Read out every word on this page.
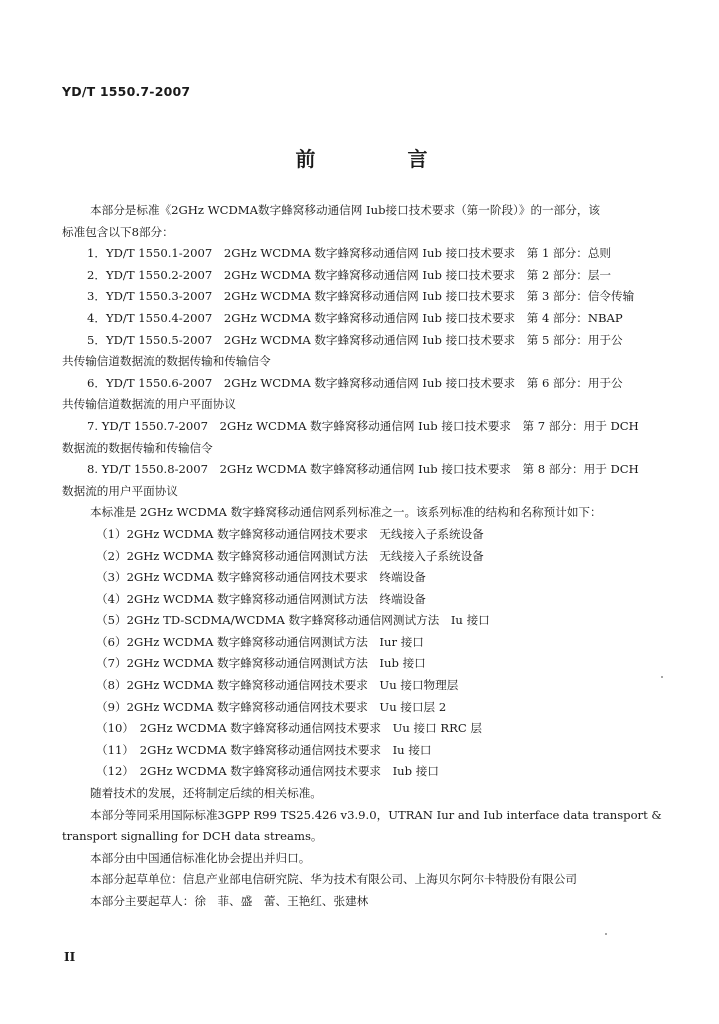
YD/T 1550.7-2007
前　言
本部分是标准《2GHz WCDMA数字蜂窝移动通信网 Iub接口技术要求（第一阶段）》的一部分，该
标准包含以下8部分：
1．YD/T 1550.1-2007　2GHz WCDMA 数字蜂窝移动通信网 Iub 接口技术要求　第 1 部分：总则
2．YD/T 1550.2-2007　2GHz WCDMA 数字蜂窝移动通信网 Iub 接口技术要求　第 2 部分：层一
3．YD/T 1550.3-2007　2GHz WCDMA 数字蜂窝移动通信网 Iub 接口技术要求　第 3 部分：信令传输
4．YD/T 1550.4-2007　2GHz WCDMA 数字蜂窝移动通信网 Iub 接口技术要求　第 4 部分：NBAP
5．YD/T 1550.5-2007　2GHz WCDMA 数字蜂窝移动通信网 Iub 接口技术要求　第 5 部分：用于公
共传输信道数据流的数据传输和传输信令
6．YD/T 1550.6-2007　2GHz WCDMA 数字蜂窝移动通信网 Iub 接口技术要求　第 6 部分：用于公
共传输信道数据流的用户平面协议
7. YD/T 1550.7-2007　2GHz WCDMA 数字蜂窝移动通信网 Iub 接口技术要求　第 7 部分：用于 DCH
数据流的数据传输和传输信令
8. YD/T 1550.8-2007　2GHz WCDMA 数字蜂窝移动通信网 Iub 接口技术要求　第 8 部分：用于 DCH
数据流的用户平面协议
本标准是 2GHz WCDMA 数字蜂窝移动通信网系列标准之一。该系列标准的结构和名称预计如下：
（1）2GHz WCDMA 数字蜂窝移动通信网技术要求　无线接入子系统设备
（2）2GHz WCDMA 数字蜂窝移动通信网测试方法　无线接入子系统设备
（3）2GHz WCDMA 数字蜂窝移动通信网技术要求　终端设备
（4）2GHz WCDMA 数字蜂窝移动通信网测试方法　终端设备
（5）2GHz TD-SCDMA/WCDMA 数字蜂窝移动通信网测试方法　Iu 接口
（6）2GHz WCDMA 数字蜂窝移动通信网测试方法　Iur 接口
（7）2GHz WCDMA 数字蜂窝移动通信网测试方法　Iub 接口
（8）2GHz WCDMA 数字蜂窝移动通信网技术要求　Uu 接口物理层
（9）2GHz WCDMA 数字蜂窝移动通信网技术要求　Uu 接口层 2
（10）　2GHz WCDMA 数字蜂窝移动通信网技术要求　Uu 接口 RRC 层
（11）　2GHz WCDMA 数字蜂窝移动通信网技术要求　Iu 接口
（12）　2GHz WCDMA 数字蜂窝移动通信网技术要求　Iub 接口
随着技术的发展，还将制定后续的相关标准。
本部分等同采用国际标准3GPP R99 TS25.426 v3.9.0，UTRAN Iur and Iub interface data transport &
transport signalling for DCH data streams。
本部分由中国通信标准化协会提出并归口。
本部分起草单位：信息产业部电信研究院、华为技术有限公司、上海贝尔阿尔卡特股份有限公司
本部分主要起草人：徐　菲、盛　蕾、王艳红、张建林
II
